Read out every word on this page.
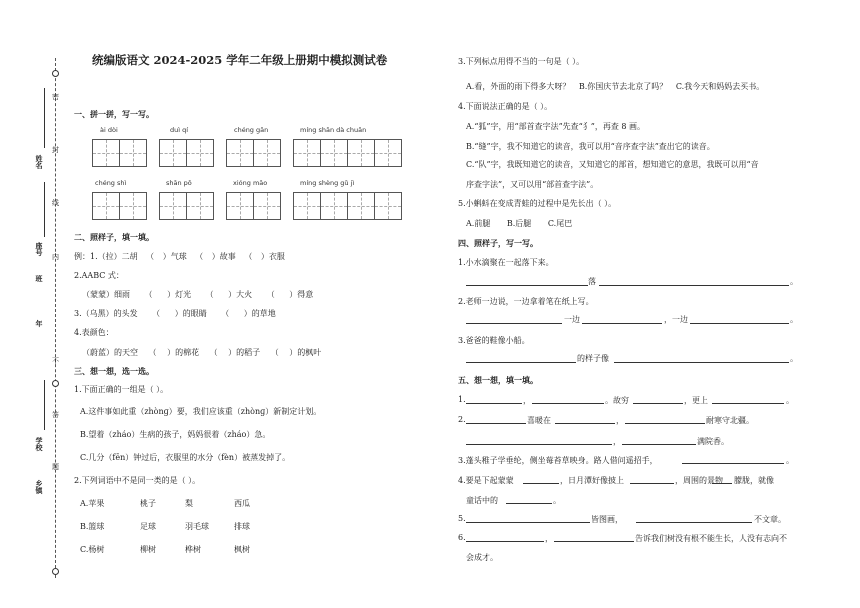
密
封
线
内
不
答
题
姓名
座号
班
年
学校
乡镇
统编版语文 2024-2025 学年二年级上册期中模拟测试卷
一、拼一拼，写一写。
ài dòi	duì qí	chéng gān	míng shān dà chuān
chéng shì	shān pō	xióng māo	míng shèng gǔ jì
二、照样子，填一填。
例：1.（拉）二胡 （ ）气球 （ ）故事 （ ）衣服
2.AABC 式：
（蒙蒙）细雨 （ ）灯光 （ ）大火 （ ）得意
3.（乌黑）的头发 （ ）的眼睛 （ ）的草地
4.表颜色：
（蔚蓝）的天空 （ ）的棉花 （ ）的稻子 （ ）的枫叶
三、想一想，选一选。
1.下面正确的一组是（ ）。
A.这件事如此重（zhònɡ）要，我们应该重（zhònɡ）新制定计划。
B.望着（zháo）生病的孩子，妈妈很着（zháo）急。
C.几分（fēn）钟过后，衣服里的水分（fèn）被蒸发掉了。
2.下列词语中不是同一类的是（ ）。
A.苹果	桃子	梨	西瓜
B.篮球	足球	羽毛球	排球
C.杨树	柳树	桦树	枫树
3.下列标点用得不当的一句是（ ）。
A.看，外面的雨下得多大呀？ B.你国庆节去北京了吗？ C.我今天和妈妈去买书。
4.下面说法正确的是（ ）。
A.“狐”字，用“部首查字法”先查“犭”，再查 8 画。
B.“缝”字，我不知道它的读音，我可以用“音序查字法”查出它的读音。
C.“队”字，我既知道它的读音，又知道它的部首，想知道它的意思，我既可以用“音
序查字法”，又可以用“部首查字法”。
5.小蝌蚪在变成青蛙的过程中是先长出（ ）。
A.前腿 B.后腿 C.尾巴
四、照样子，写一写。
1.小水滴聚在一起落下来。
落	。
2.老师一边说，一边拿着笔在纸上写。
一边	，一边	。
3.爸爸的鞋像小船。
的样子像	。
五、想一想，填一填。
1.	，	。故穷	，更上	。
2.	喜暖在	，	耐寒守北疆。
，	满院香。
3.蓬头稚子学垂纶，侧坐莓苔草映身。路人借问遥招手，	。
4.要是下起蒙蒙	，日月潭好像披上	，周围的景物 朦胧，就像
童话中的	。
5.	皆图画，	不文章。
6.	，	告诉我们树没有根不能生长，人没有志向不
会成才。
